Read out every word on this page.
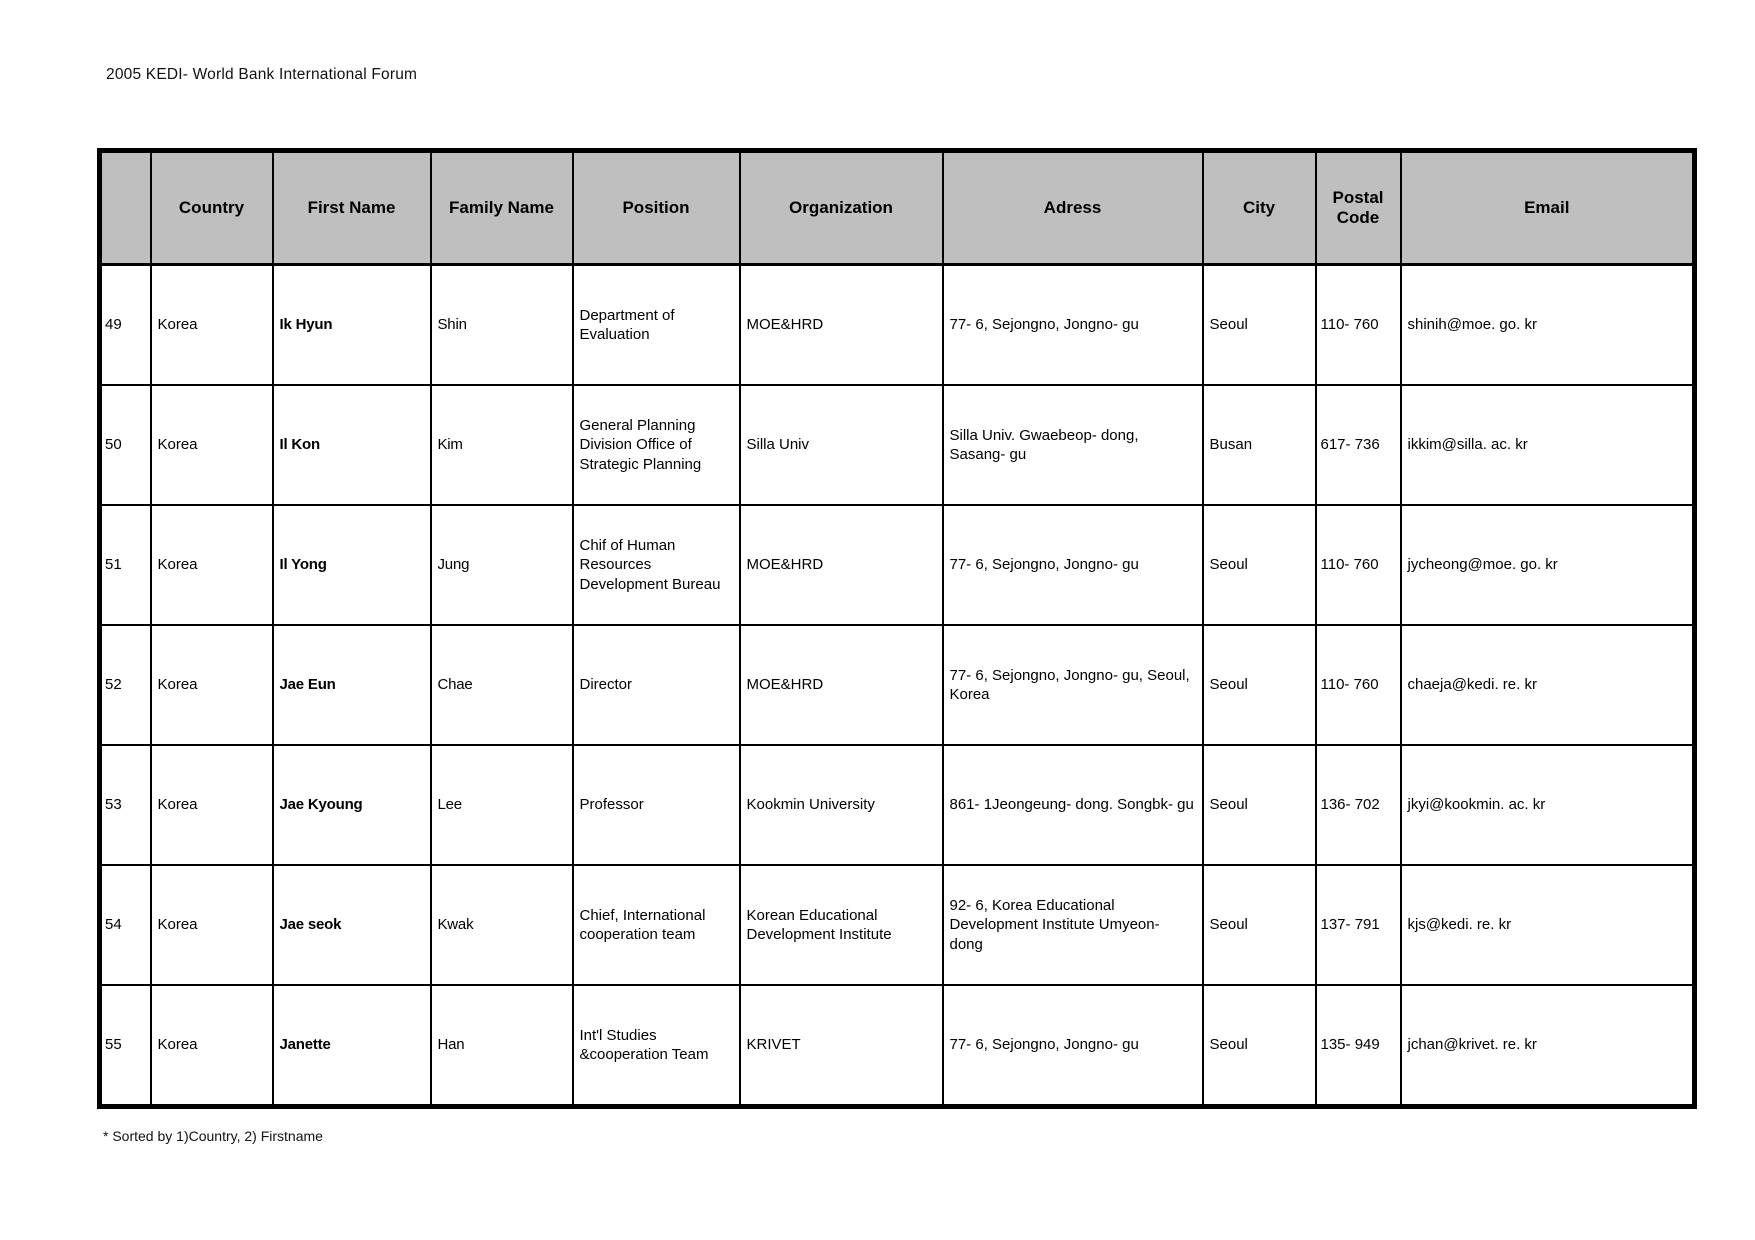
2005 KEDI- World Bank International Forum
	Country	First Name	Family Name	Position	Organization	Adress	City	Postal Code	Email
49	Korea	Ik Hyun	Shin	Department of Evaluation	MOE&HRD	77- 6, Sejongno, Jongno- gu	Seoul	110- 760	shinih@moe. go. kr
50	Korea	Il Kon	Kim	General Planning Division Office of Strategic Planning	Silla Univ	Silla Univ. Gwaebeop- dong, Sasang- gu	Busan	617- 736	ikkim@silla. ac. kr
51	Korea	Il Yong	Jung	Chif of Human Resources Development Bureau	MOE&HRD	77- 6, Sejongno, Jongno- gu	Seoul	110- 760	jycheong@moe. go. kr
52	Korea	Jae Eun	Chae	Director	MOE&HRD	77- 6, Sejongno, Jongno- gu, Seoul,  Korea	Seoul	110- 760	chaeja@kedi. re. kr
53	Korea	Jae Kyoung	Lee	Professor	Kookmin University	861- 1Jeongeung- dong. Songbk- gu	Seoul	136- 702	jkyi@kookmin. ac. kr
54	Korea	Jae seok	Kwak	Chief, International cooperation team	Korean Educational Development Institute	92- 6, Korea Educational Development Institute Umyeon- dong	Seoul	137- 791	kjs@kedi. re. kr
55	Korea	Janette	Han	Int'l Studies &cooperation Team	KRIVET	77- 6, Sejongno, Jongno- gu	Seoul	135- 949	jchan@krivet. re. kr
* Sorted by 1)Country, 2) Firstname
